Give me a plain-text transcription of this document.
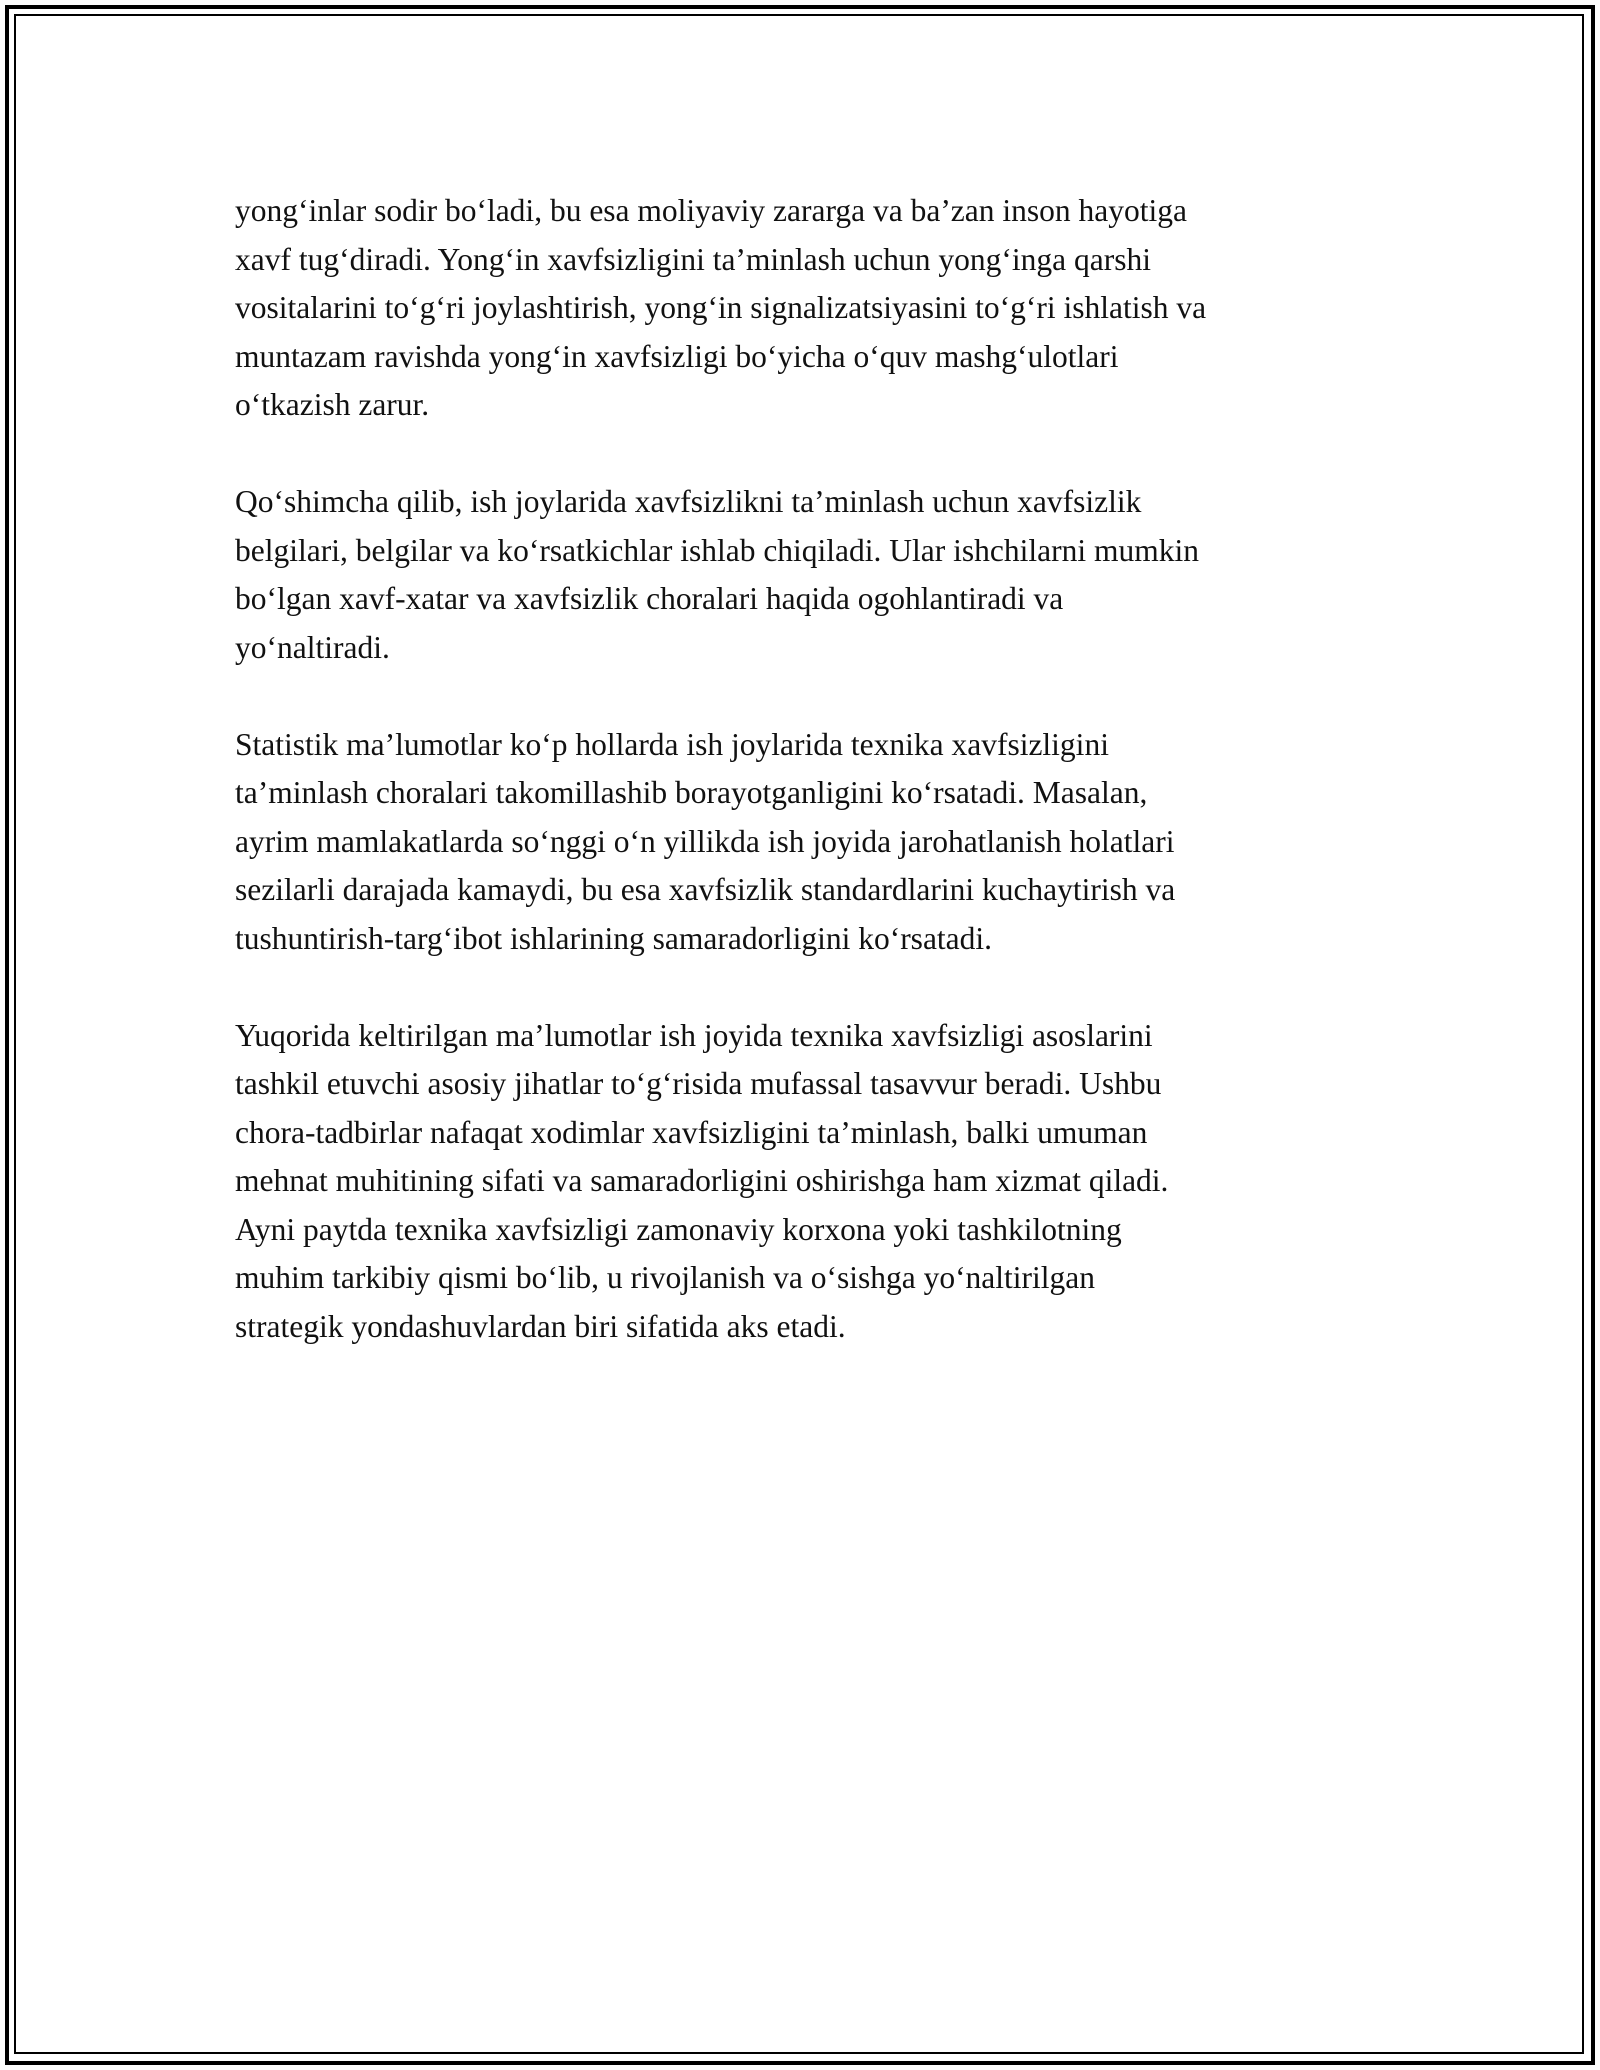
yong‘inlar sodir bo‘ladi, bu esa moliyaviy zararga va ba’zan inson hayotiga
xavf tug‘diradi. Yong‘in xavfsizligini ta’minlash uchun yong‘inga qarshi
vositalarini to‘g‘ri joylashtirish, yong‘in signalizatsiyasini to‘g‘ri ishlatish va
muntazam ravishda yong‘in xavfsizligi bo‘yicha o‘quv mashg‘ulotlari
o‘tkazish zarur.

Qo‘shimcha qilib, ish joylarida xavfsizlikni ta’minlash uchun xavfsizlik
belgilari, belgilar va ko‘rsatkichlar ishlab chiqiladi. Ular ishchilarni mumkin
bo‘lgan xavf-xatar va xavfsizlik choralari haqida ogohlantiradi va
yo‘naltiradi.

Statistik ma’lumotlar ko‘p hollarda ish joylarida texnika xavfsizligini
ta’minlash choralari takomillashib borayotganligini ko‘rsatadi. Masalan,
ayrim mamlakatlarda so‘nggi o‘n yillikda ish joyida jarohatlanish holatlari
sezilarli darajada kamaydi, bu esa xavfsizlik standardlarini kuchaytirish va
tushuntirish-targ‘ibot ishlarining samaradorligini ko‘rsatadi.

Yuqorida keltirilgan ma’lumotlar ish joyida texnika xavfsizligi asoslarini
tashkil etuvchi asosiy jihatlar to‘g‘risida mufassal tasavvur beradi. Ushbu
chora-tadbirlar nafaqat xodimlar xavfsizligini ta’minlash, balki umuman
mehnat muhitining sifati va samaradorligini oshirishga ham xizmat qiladi.
Ayni paytda texnika xavfsizligi zamonaviy korxona yoki tashkilotning
muhim tarkibiy qismi bo‘lib, u rivojlanish va o‘sishga yo‘naltirilgan
strategik yondashuvlardan biri sifatida aks etadi.
